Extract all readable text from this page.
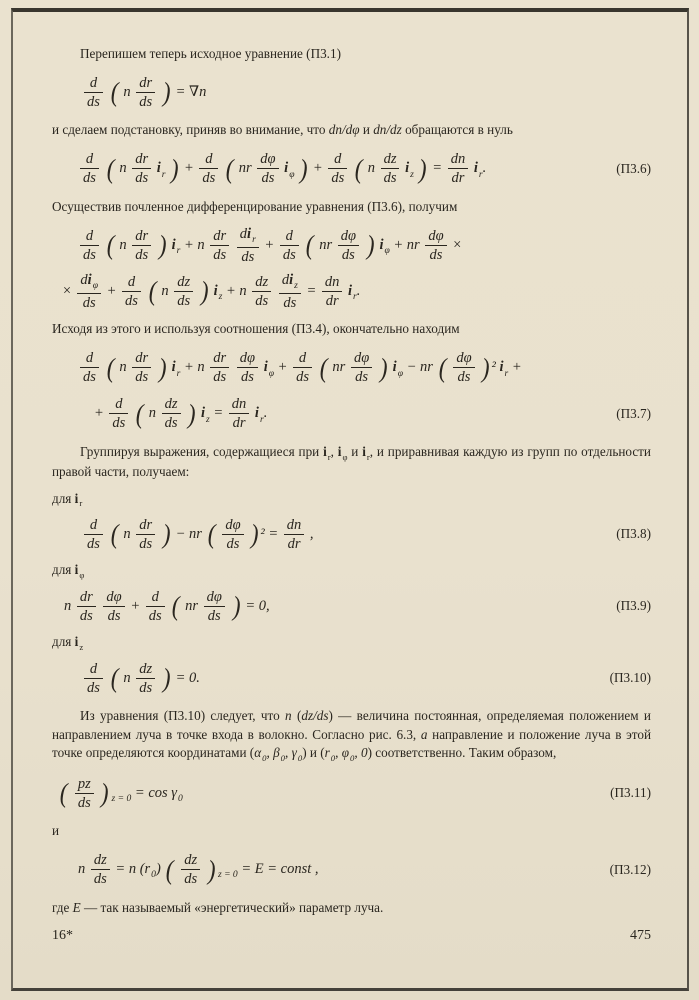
Перепишем теперь исходное уравнение (П3.1)
$\frac{d}{ds}$ ( n $\frac{dr}{ds}$ ) = ∇n
и сделаем подстановку, приняв во внимание, что dn/dφ и dn/dz обращаются в нуль
$\frac{d}{ds}$ ( n $\frac{dr}{ds} i_r$ ) + $\frac{d}{ds}$ ( nr $\frac{d\varphi}{ds} i_\varphi$ ) + $\frac{d}{ds}$ ( n $\frac{dz}{ds} i_z$ ) = $\frac{dn}{dr} i_r$.	(П3.6)
Осуществив почленное дифференцирование уравнения (П3.6), получим
$\frac{d}{ds}$ ( n $\frac{dr}{ds}$ ) $i_r + n \frac{dr}{ds}$
$\frac{di_r}{ds} + \frac{d}{ds}$ ( nr $\frac{d\varphi}{ds}$ ) $i_\varphi$ + nr $\frac{d\varphi}{ds}$ ×
× $\frac{di_\varphi}{ds} + \frac{d}{ds}$ ( n $\frac{dz}{ds}$ ) $i_z + n \frac{dz}{ds}$
$\frac{di_z}{ds} = \frac{dn}{dr} i_r$.
Исходя из этого и используя соотношения (П3.4), окончательно находим
$\frac{d}{ds}$ ( n $\frac{dr}{ds}$ ) $i_r + n \frac{dr}{ds}$
$\frac{d\varphi}{ds} i_\varphi + \frac{d}{ds}$ ( nr $\frac{d\varphi}{ds}$ ) $i_\varphi$ − nr ( $\frac{d\varphi}{ds}$ ) ² $i_r$ +
+ $\frac{d}{ds}$ ( n $\frac{dz}{ds}$ ) $i_z = \frac{dn}{dr} i_r$.	(П3.7)
Группируя выражения, содержащиеся при $i_r$, $i_\varphi$ и $i_r$, и приравнивая каждую из групп по отдельности правой части, получаем:
для $i_r$
$\frac{d}{ds}$ ( n $\frac{dr}{ds}$ ) − nr ( $\frac{d\varphi}{ds}$ ) $^2 = \frac{dn}{dr}$ ,	(П3.8)
для $i_\varphi$
n $\frac{dr}{ds}$
$\frac{d\varphi}{ds} + \frac{d}{ds}$ ( nr $\frac{d\varphi}{ds}$ ) = 0,	(П3.9)
для $i_z$
$\frac{d}{ds}$ ( n $\frac{dz}{ds}$ ) = 0.	(П3.10)
Из уравнения (П3.10) следует, что n (dz/ds) — величина постоянная, определяемая положением и направлением луча в точке входа в волокно. Согласно рис. 6.3, а направление и положение луча в этой точке определяются координатами ($\alpha_0$, $\beta_0$, $\gamma_0$) и ($r_0$, $\varphi_0$, 0) соответственно. Таким образом,
( $\frac{pz}{ds}$ ) $_{z = 0} = \cos \gamma_0$	(П3.11)
и
n $\frac{dz}{ds} = n$ $(r_0)$ ( $\frac{dz}{ds}$ ) $_{z = 0}$ = E = const ,	(П3.12)
где E — так называемый «энергетический» параметр луча.
16*	475
